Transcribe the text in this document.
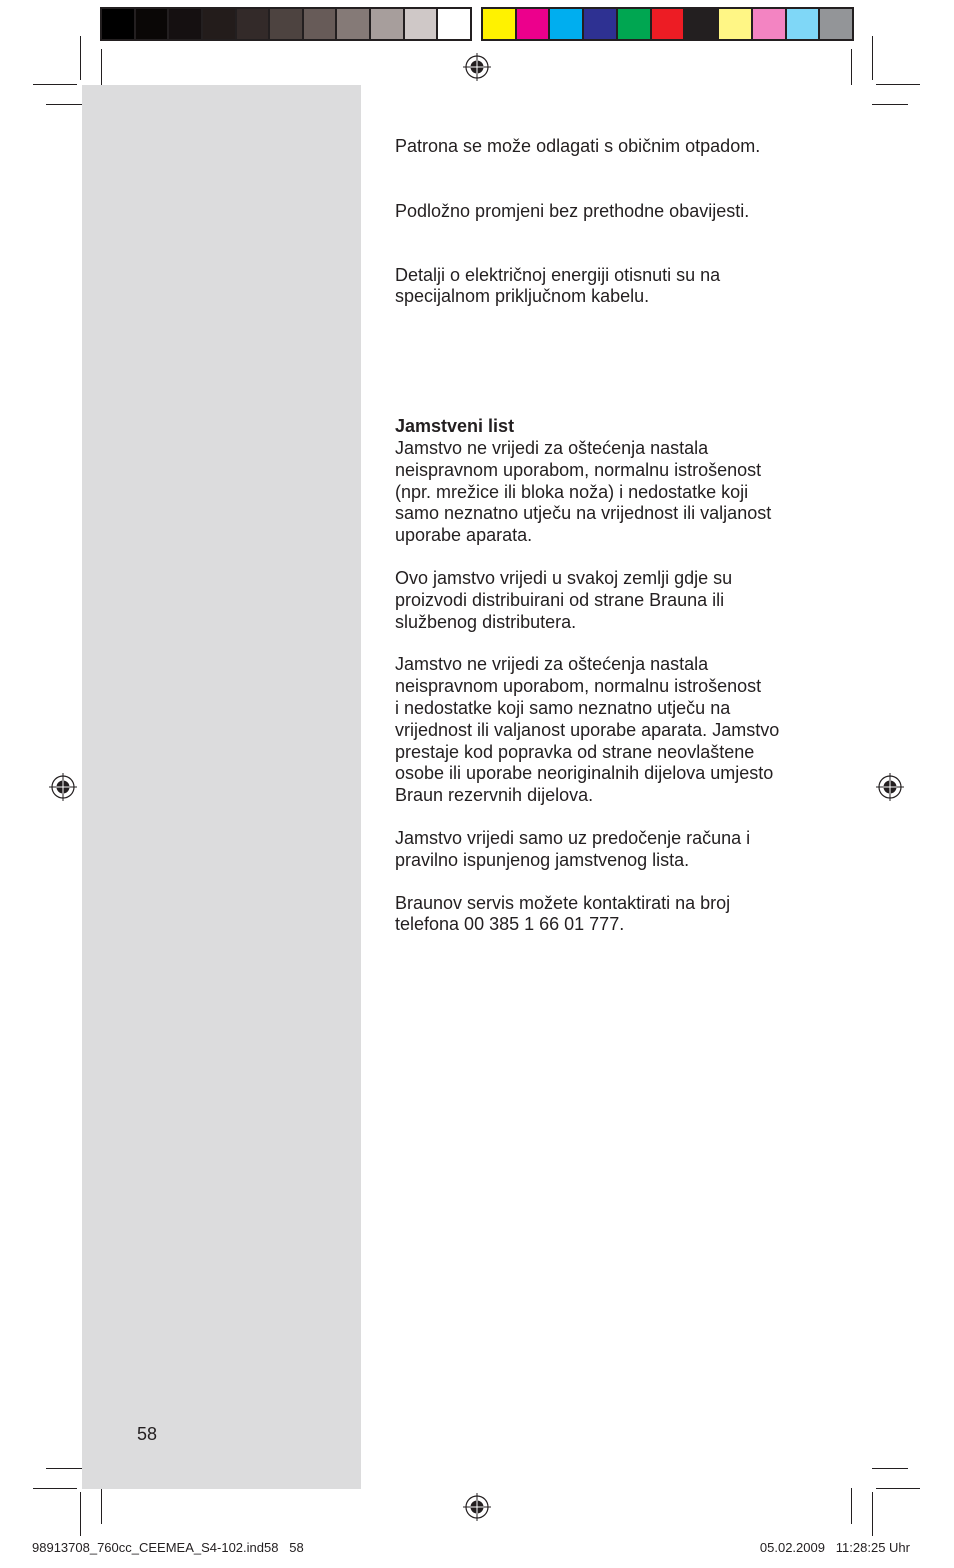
58

Patrona se može odlagati s običnim otpadom.

Podložno promjeni bez prethodne obavijesti.

Detalji o električnoj energiji otisnuti su na
specijalnom priključnom kabelu.
Jamstveni list
Jamstvo ne vrijedi za oštećenja nastala
neispravnom uporabom, normalnu istrošenost
(npr. mrežice ili bloka noža) i nedostatke koji
samo neznatno utječu na vrijednost ili valjanost
uporabe aparata.
Ovo jamstvo vrijedi u svakoj zemlji gdje su
proizvodi distribuirani od strane Brauna ili
službenog distributera.
Jamstvo ne vrijedi za oštećenja nastala
neispravnom uporabom, normalnu istrošenost
i nedostatke koji samo neznatno utječu na
vrijednost ili valjanost uporabe aparata. Jamstvo
prestaje kod popravka od strane neovlaštene
osobe ili uporabe neoriginalnih dijelova umjesto
Braun rezervnih dijelova.
Jamstvo vrijedi samo uz predočenje računa i
pravilno ispunjenog jamstvenog lista.
Braunov servis možete kontaktirati na broj
telefona 00 385 1 66 01 777.
98913708_760cc_CEEMEA_S4-102.ind58   58	05.02.2009   11:28:25 Uhr
